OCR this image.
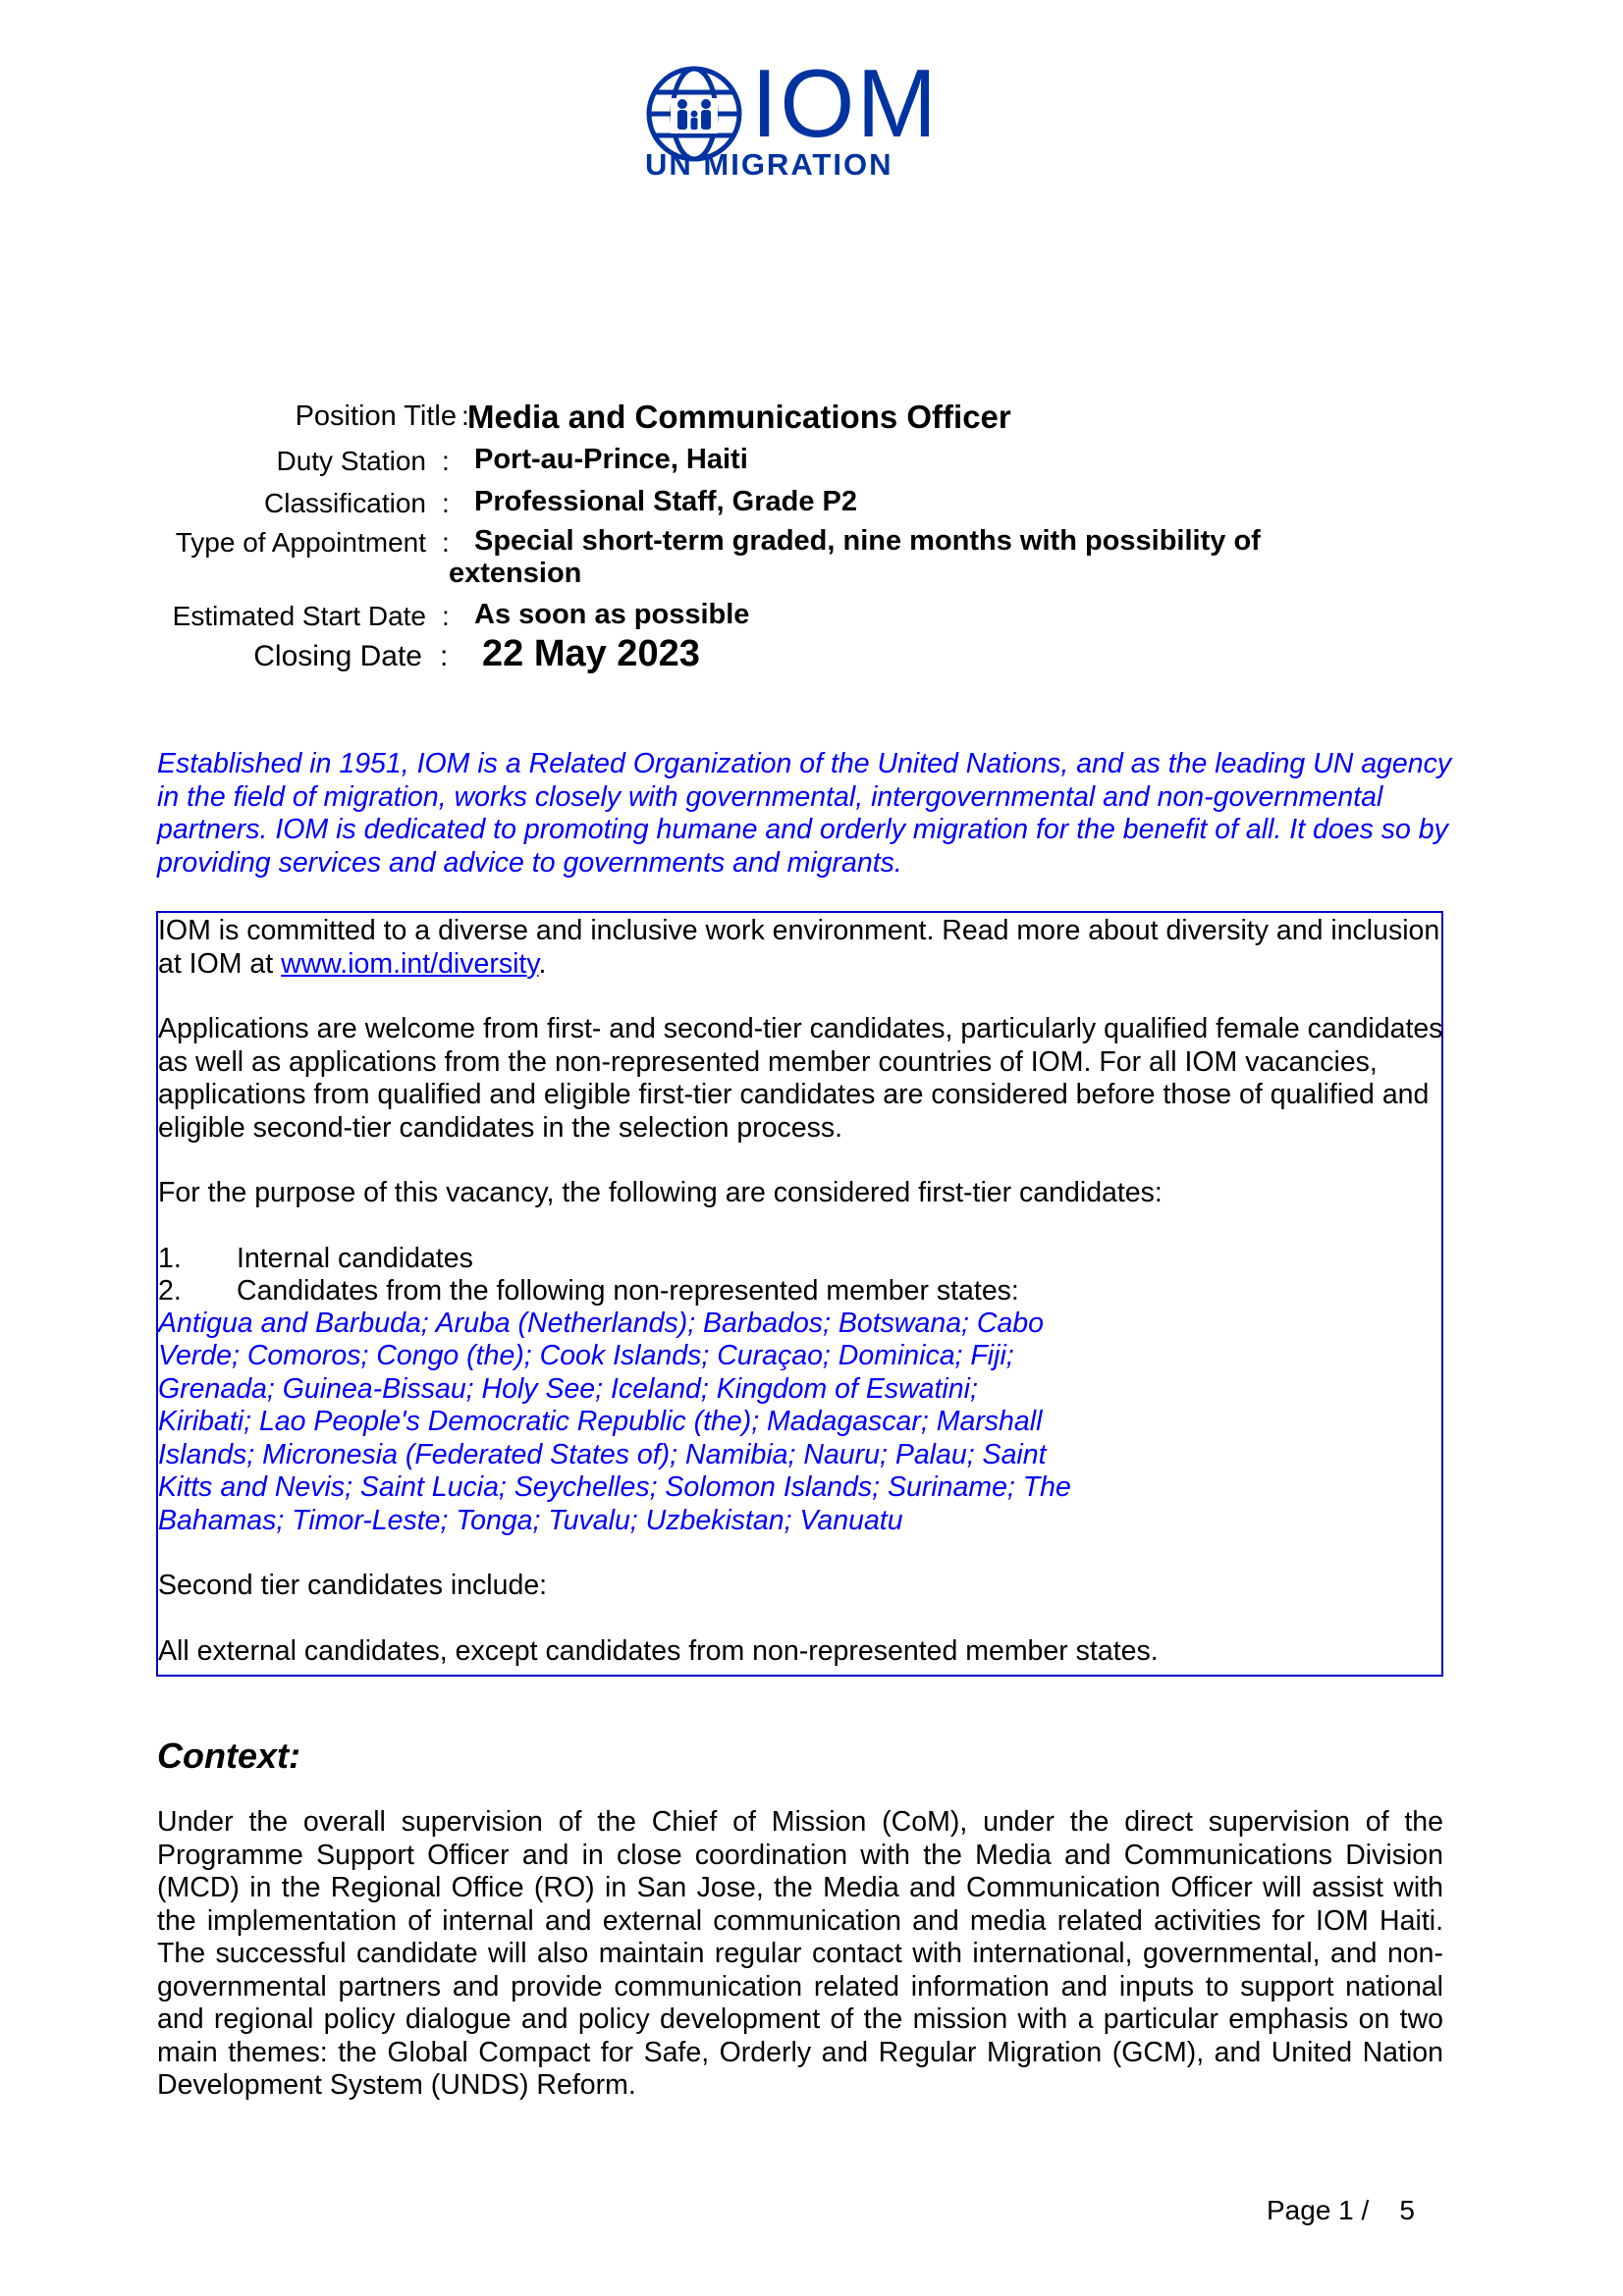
IOM
UN MIGRATION
Position Title :
Media and Communications Officer
Duty Station : Port-au-Prince, Haiti
Classification : Professional Staff, Grade P2
Type of Appointment : Special short-term graded, nine months with possibility of
extension
Estimated Start Date : As soon as possible
Closing Date : 22 May 2023
Established in 1951, IOM is a Related Organization of the United Nations, and as the leading UN agency in the field of migration, works closely with governmental, intergovernmental and non-governmental partners. IOM is dedicated to promoting humane and orderly migration for the benefit of all. It does so by providing services and advice to governments and migrants.

IOM is committed to a diverse and inclusive work environment. Read more about diversity and inclusion at IOM at www.iom.int/diversity.

Applications are welcome from first- and second-tier candidates, particularly qualified female candidates as well as applications from the non-represented member countries of IOM. For all IOM vacancies, applications from qualified and eligible first-tier candidates are considered before those of qualified and eligible second-tier candidates in the selection process.

For the purpose of this vacancy, the following are considered first-tier candidates:

1. Internal candidates
2. Candidates from the following non-represented member states:
Antigua and Barbuda; Aruba (Netherlands); Barbados; Botswana; Cabo
Verde; Comoros; Congo (the); Cook Islands; Curaçao; Dominica; Fiji;
Grenada; Guinea-Bissau; Holy See; Iceland; Kingdom of Eswatini;
Kiribati; Lao People's Democratic Republic (the); Madagascar; Marshall
Islands; Micronesia (Federated States of); Namibia; Nauru; Palau; Saint
Kitts and Nevis; Saint Lucia; Seychelles; Solomon Islands; Suriname; The
Bahamas; Timor-Leste; Tonga; Tuvalu; Uzbekistan; Vanuatu

Second tier candidates include:

All external candidates, except candidates from non-represented member states.

Context:
Under the overall supervision of the Chief of Mission (CoM), under the direct supervision of the Programme Support Officer and in close coordination with the Media and Communications Division (MCD) in the Regional Office (RO) in San Jose, the Media and Communication Officer will assist with the implementation of internal and external communication and media related activities for IOM Haiti. The successful candidate will also maintain regular contact with international, governmental, and non-governmental partners and provide communication related information and inputs to support national and regional policy dialogue and policy development of the mission with a particular emphasis on two main themes: the Global Compact for Safe, Orderly and Regular Migration (GCM), and United Nation Development System (UNDS) Reform.
Page 1 /    5
